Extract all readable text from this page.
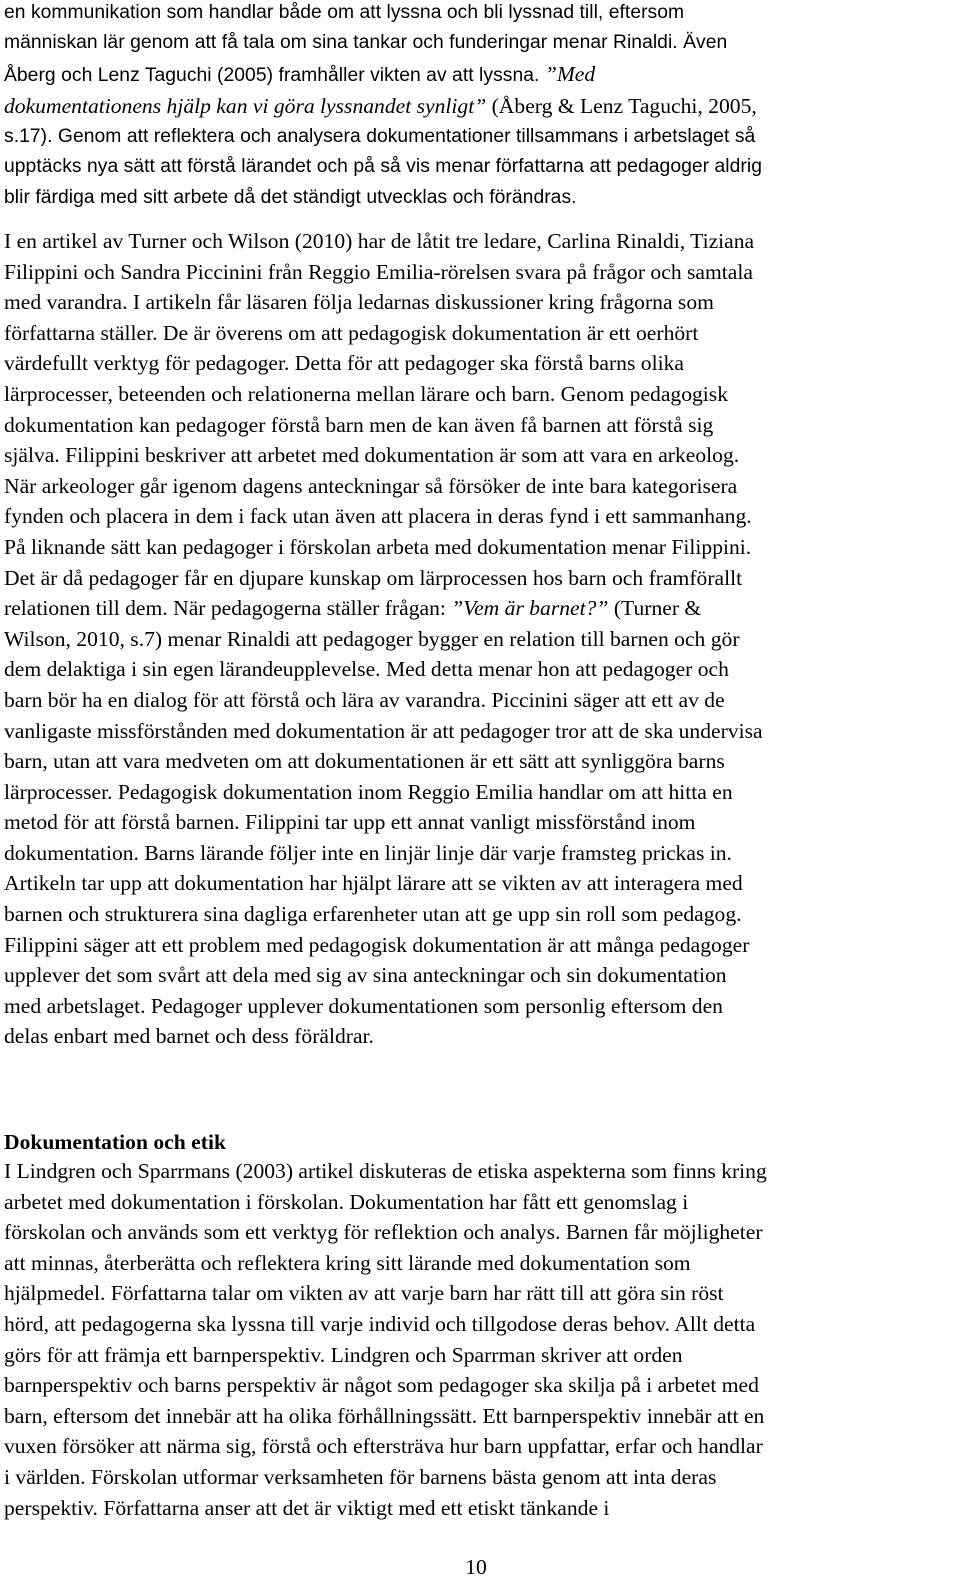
en kommunikation som handlar både om att lyssna och bli lyssnad till, eftersom
människan lär genom att få tala om sina tankar och funderingar menar Rinaldi. Även
Åberg och Lenz Taguchi (2005) framhåller vikten av att lyssna. ”Med
dokumentationens hjälp kan vi göra lyssnandet synligt” (Åberg & Lenz Taguchi, 2005,
s.17). Genom att reflektera och analysera dokumentationer tillsammans i arbetslaget så
upptäcks nya sätt att förstå lärandet och på så vis menar författarna att pedagoger aldrig
blir färdiga med sitt arbete då det ständigt utvecklas och förändras.
I en artikel av Turner och Wilson (2010) har de låtit tre ledare, Carlina Rinaldi, Tiziana
Filippini och Sandra Piccinini från Reggio Emilia-rörelsen svara på frågor och samtala
med varandra. I artikeln får läsaren följa ledarnas diskussioner kring frågorna som
författarna ställer. De är överens om att pedagogisk dokumentation är ett oerhört
värdefullt verktyg för pedagoger. Detta för att pedagoger ska förstå barns olika
lärprocesser, beteenden och relationerna mellan lärare och barn. Genom pedagogisk
dokumentation kan pedagoger förstå barn men de kan även få barnen att förstå sig
själva. Filippini beskriver att arbetet med dokumentation är som att vara en arkeolog.
När arkeologer går igenom dagens anteckningar så försöker de inte bara kategorisera
fynden och placera in dem i fack utan även att placera in deras fynd i ett sammanhang.
På liknande sätt kan pedagoger i förskolan arbeta med dokumentation menar Filippini.
Det är då pedagoger får en djupare kunskap om lärprocessen hos barn och framförallt
relationen till dem. När pedagogerna ställer frågan: ”Vem är barnet?” (Turner &
Wilson, 2010, s.7) menar Rinaldi att pedagoger bygger en relation till barnen och gör
dem delaktiga i sin egen lärandeupplevelse. Med detta menar hon att pedagoger och
barn bör ha en dialog för att förstå och lära av varandra. Piccinini säger att ett av de
vanligaste missförstånden med dokumentation är att pedagoger tror att de ska undervisa
barn, utan att vara medveten om att dokumentationen är ett sätt att synliggöra barns
lärprocesser. Pedagogisk dokumentation inom Reggio Emilia handlar om att hitta en
metod för att förstå barnen. Filippini tar upp ett annat vanligt missförstånd inom
dokumentation. Barns lärande följer inte en linjär linje där varje framsteg prickas in.
Artikeln tar upp att dokumentation har hjälpt lärare att se vikten av att interagera med
barnen och strukturera sina dagliga erfarenheter utan att ge upp sin roll som pedagog.
Filippini säger att ett problem med pedagogisk dokumentation är att många pedagoger
upplever det som svårt att dela med sig av sina anteckningar och sin dokumentation
med arbetslaget. Pedagoger upplever dokumentationen som personlig eftersom den
delas enbart med barnet och dess föräldrar.
Dokumentation och etik
I Lindgren och Sparrmans (2003) artikel diskuteras de etiska aspekterna som finns kring
arbetet med dokumentation i förskolan. Dokumentation har fått ett genomslag i
förskolan och används som ett verktyg för reflektion och analys. Barnen får möjligheter
att minnas, återberätta och reflektera kring sitt lärande med dokumentation som
hjälpmedel. Författarna talar om vikten av att varje barn har rätt till att göra sin röst
hörd, att pedagogerna ska lyssna till varje individ och tillgodose deras behov. Allt detta
görs för att främja ett barnperspektiv. Lindgren och Sparrman skriver att orden
barnperspektiv och barns perspektiv är något som pedagoger ska skilja på i arbetet med
barn, eftersom det innebär att ha olika förhållningssätt. Ett barnperspektiv innebär att en
vuxen försöker att närma sig, förstå och eftersträva hur barn uppfattar, erfar och handlar
i världen. Förskolan utformar verksamheten för barnens bästa genom att inta deras
perspektiv. Författarna anser att det är viktigt med ett etiskt tänkande i
10
